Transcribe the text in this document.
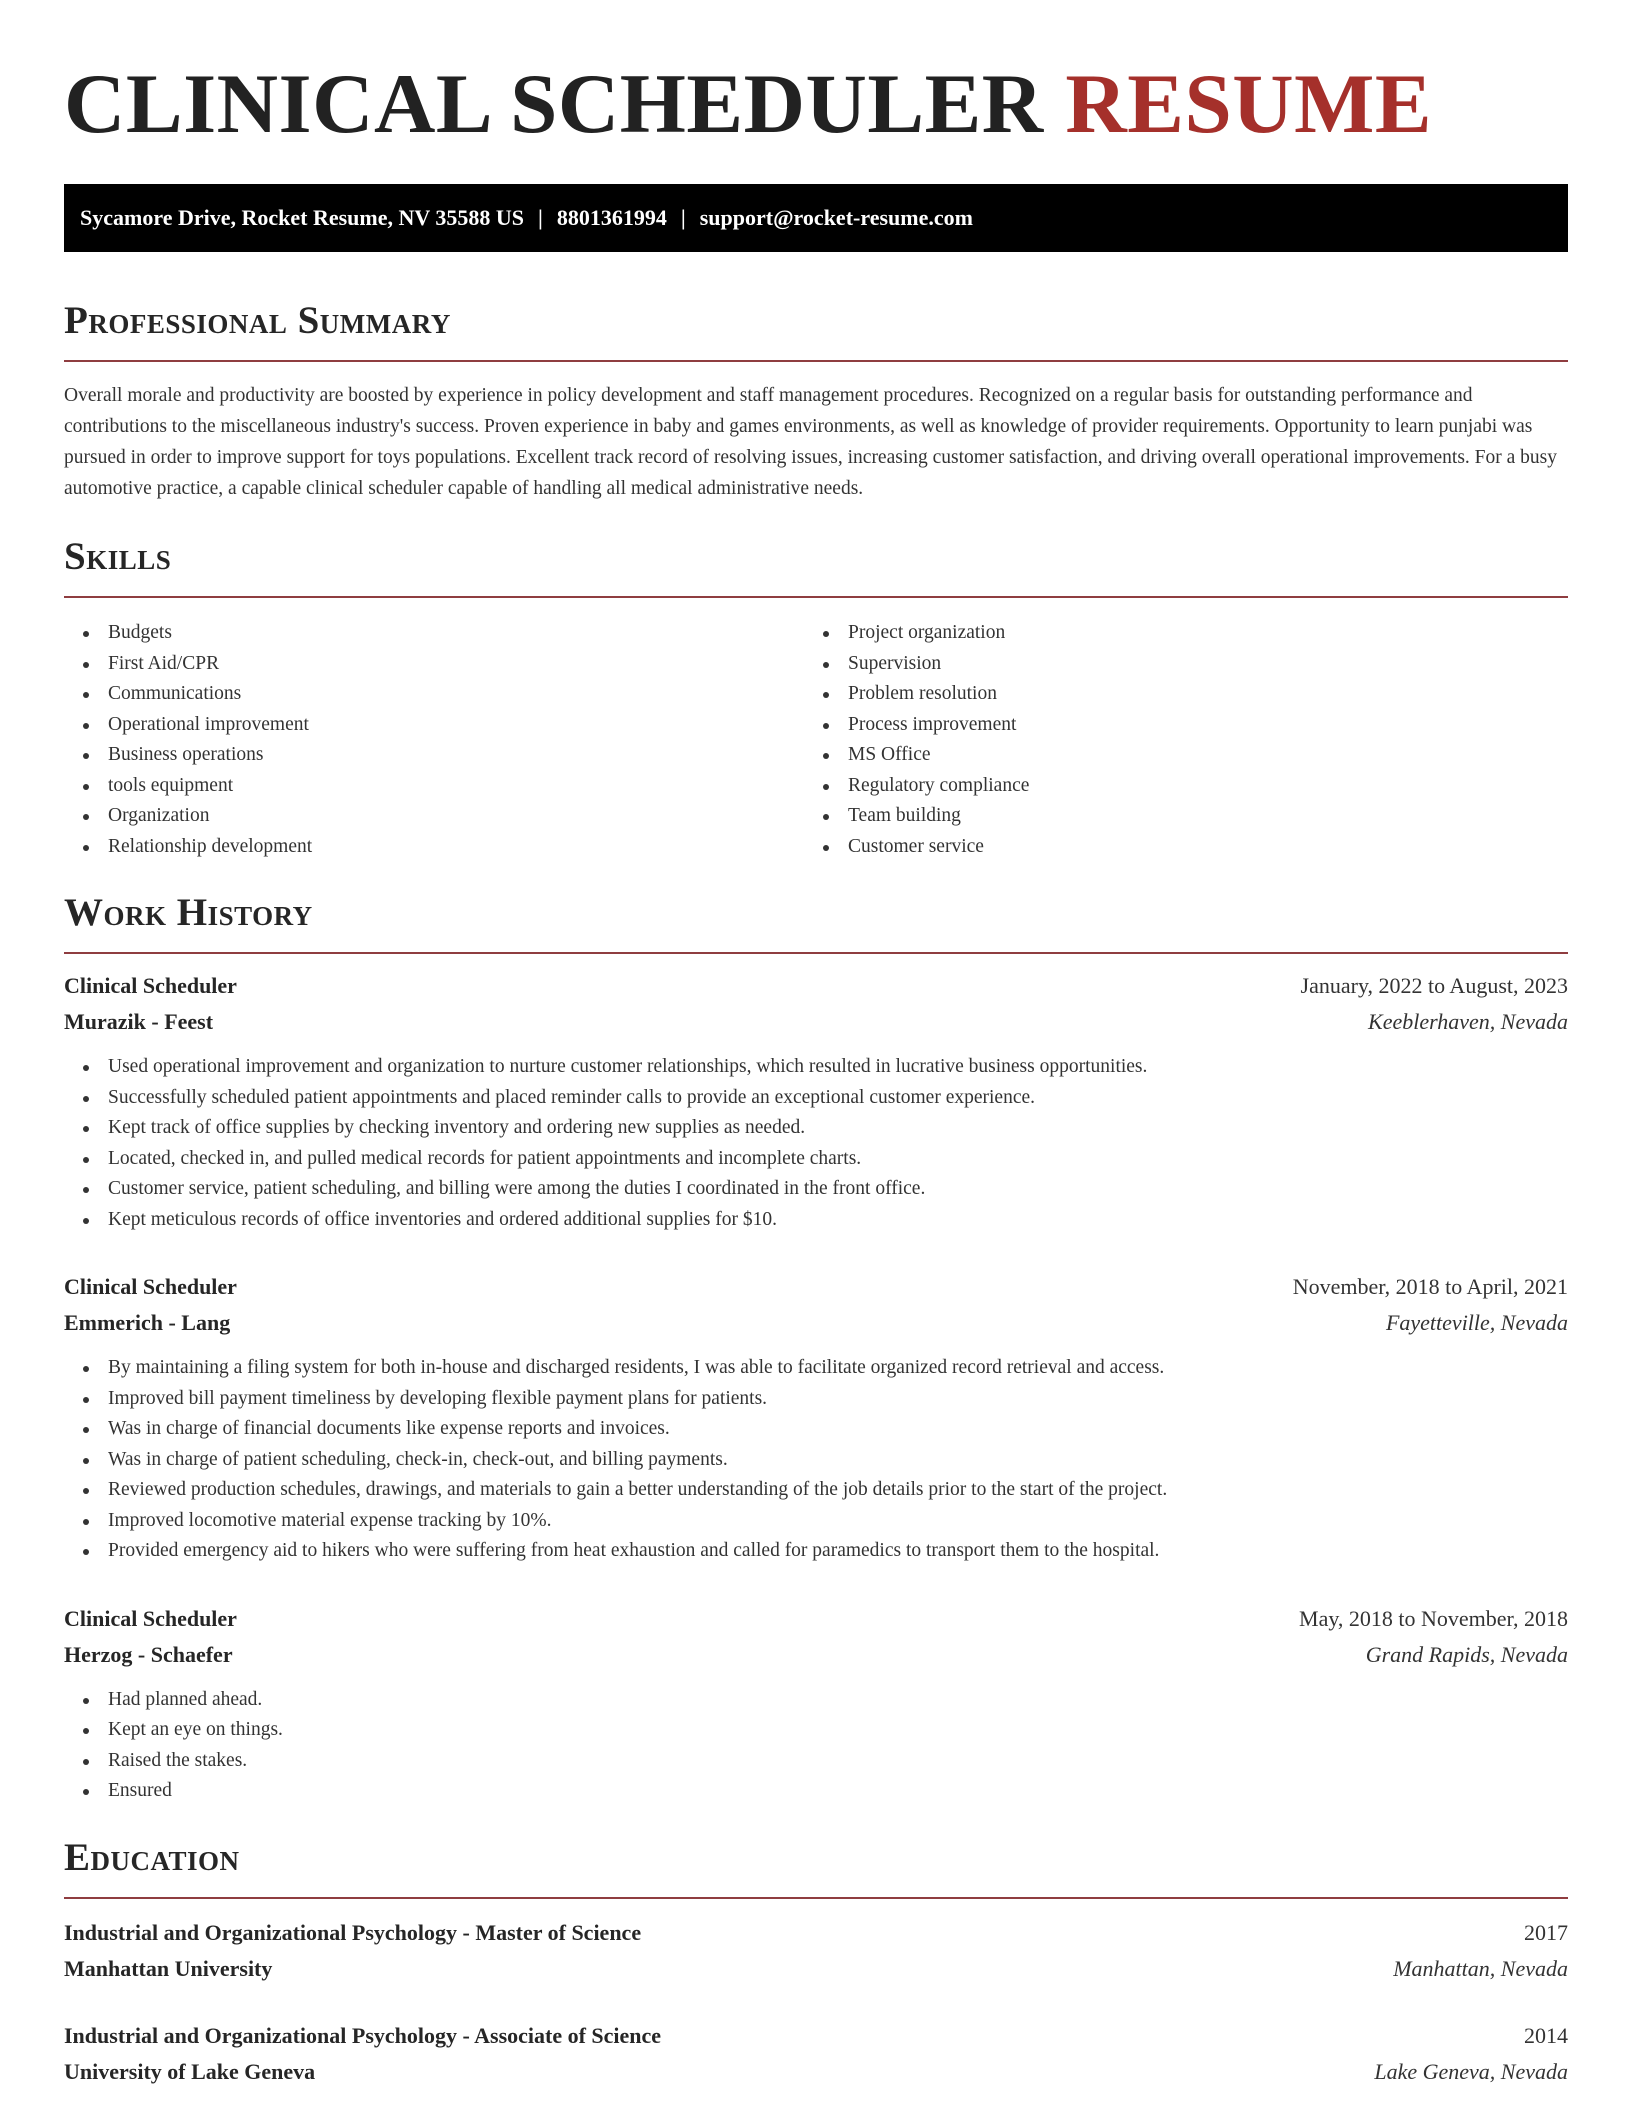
CLINICAL SCHEDULER RESUME
Sycamore Drive, Rocket Resume, NV 35588 US | 8801361994 | support@rocket-resume.com
Professional Summary

Overall morale and productivity are boosted by experience in policy development and staff management procedures. Recognized on a regular basis for outstanding performance and contributions to the miscellaneous industry's success. Proven experience in baby and games environments, as well as knowledge of provider requirements. Opportunity to learn punjabi was pursued in order to improve support for toys populations. Excellent track record of resolving issues, increasing customer satisfaction, and driving overall operational improvements. For a busy automotive practice, a capable clinical scheduler capable of handling all medical administrative needs.

Skills
Budgets
First Aid/CPR
Communications
Operational improvement
Business operations
tools equipment
Organization
Relationship development
Project organization
Supervision
Problem resolution
Process improvement
MS Office
Regulatory compliance
Team building
Customer service
Work History
Clinical Scheduler	January, 2022 to August, 2023
Murazik - Feest	Keeblerhaven, Nevada
Used operational improvement and organization to nurture customer relationships, which resulted in lucrative business opportunities.
Successfully scheduled patient appointments and placed reminder calls to provide an exceptional customer experience.
Kept track of office supplies by checking inventory and ordering new supplies as needed.
Located, checked in, and pulled medical records for patient appointments and incomplete charts.
Customer service, patient scheduling, and billing were among the duties I coordinated in the front office.
Kept meticulous records of office inventories and ordered additional supplies for $10.
Clinical Scheduler	November, 2018 to April, 2021
Emmerich - Lang	Fayetteville, Nevada
By maintaining a filing system for both in-house and discharged residents, I was able to facilitate organized record retrieval and access.
Improved bill payment timeliness by developing flexible payment plans for patients.
Was in charge of financial documents like expense reports and invoices.
Was in charge of patient scheduling, check-in, check-out, and billing payments.
Reviewed production schedules, drawings, and materials to gain a better understanding of the job details prior to the start of the project.
Improved locomotive material expense tracking by 10%.
Provided emergency aid to hikers who were suffering from heat exhaustion and called for paramedics to transport them to the hospital.
Clinical Scheduler	May, 2018 to November, 2018
Herzog - Schaefer	Grand Rapids, Nevada
Had planned ahead.
Kept an eye on things.
Raised the stakes.
Ensured
Education
Industrial and Organizational Psychology - Master of Science	2017
Manhattan University	Manhattan, Nevada
Industrial and Organizational Psychology - Associate of Science	2014
University of Lake Geneva	Lake Geneva, Nevada
